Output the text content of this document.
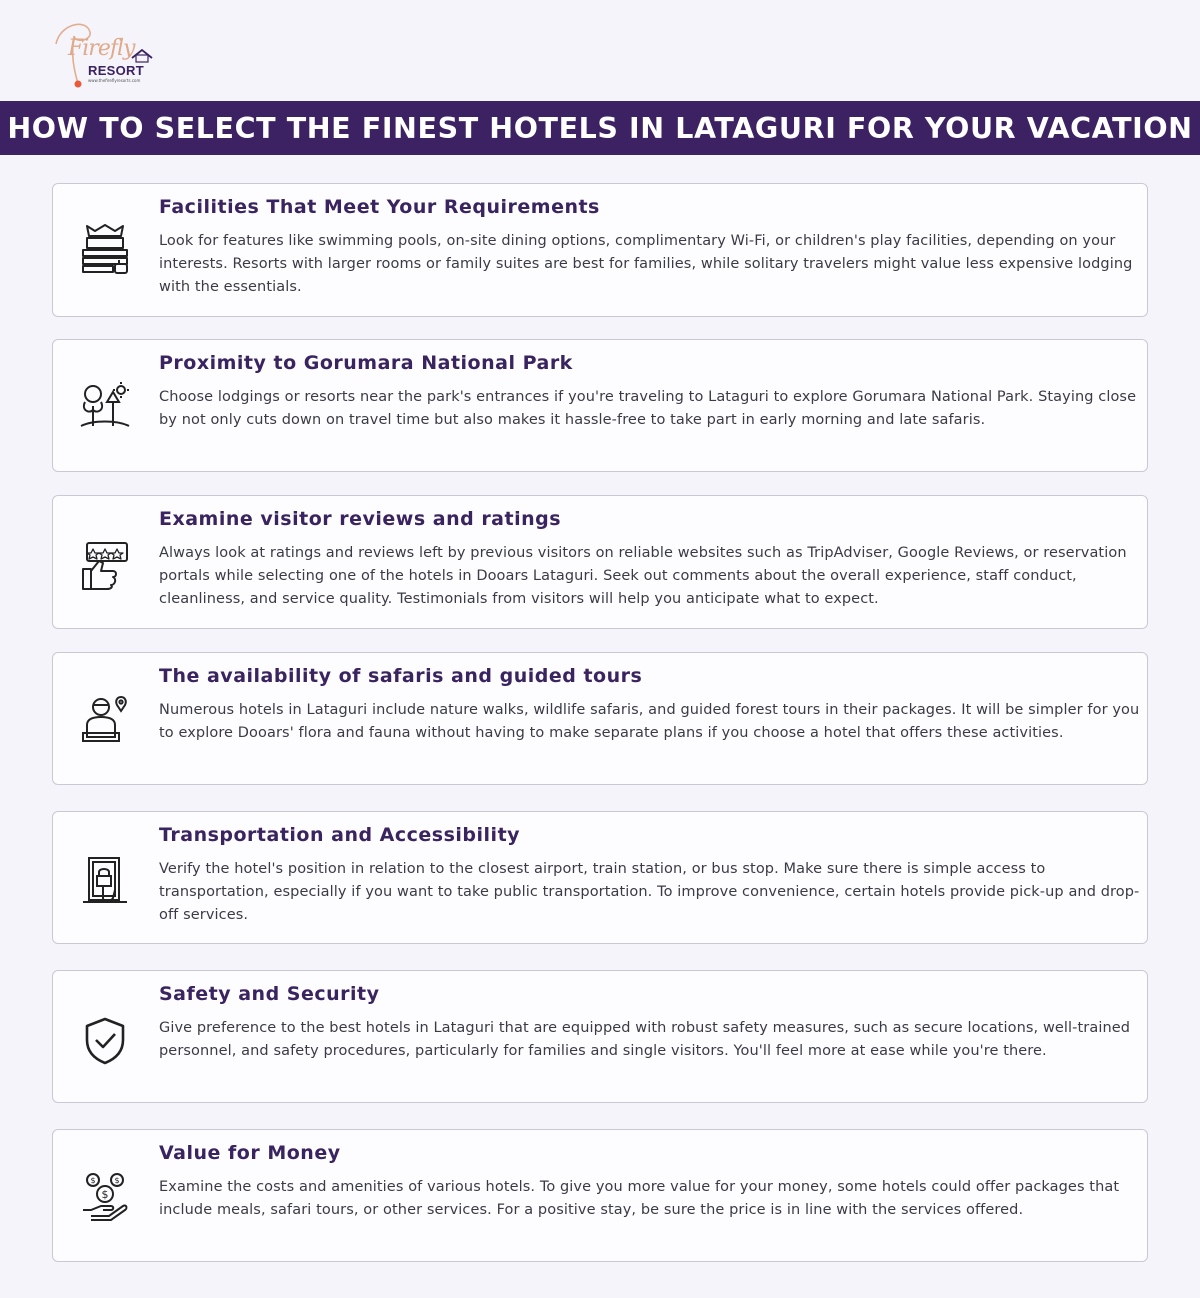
Firefly
RESORT
www.thefireflyresorts.com
HOW TO SELECT THE FINEST HOTELS IN LATAGURI FOR YOUR VACATION
Facilities That Meet Your Requirements
Look for features like swimming pools, on-site dining options, complimentary Wi-Fi, or children's play facilities, depending on your interests. Resorts with larger rooms or family suites are best for families, while solitary travelers might value less expensive lodging with the essentials.
Proximity to Gorumara National Park
Choose lodgings or resorts near the park's entrances if you're traveling to Lataguri to explore Gorumara National Park. Staying close by not only cuts down on travel time but also makes it hassle-free to take part in early morning and late safaris.
Examine visitor reviews and ratings
Always look at ratings and reviews left by previous visitors on reliable websites such as TripAdviser, Google Reviews, or reservation portals while selecting one of the hotels in Dooars Lataguri. Seek out comments about the overall experience, staff conduct, cleanliness, and service quality. Testimonials from visitors will help you anticipate what to expect.
The availability of safaris and guided tours
Numerous hotels in Lataguri include nature walks, wildlife safaris, and guided forest tours in their packages. It will be simpler for you to explore Dooars' flora and fauna without having to make separate plans if you choose a hotel that offers these activities.
Transportation and Accessibility
Verify the hotel's position in relation to the closest airport, train station, or bus stop. Make sure there is simple access to transportation, especially if you want to take public transportation. To improve convenience, certain hotels provide pick-up and drop-off services.
Safety and Security
Give preference to the best hotels in Lataguri that are equipped with robust safety measures, such as secure locations, well-trained personnel, and safety procedures, particularly for families and single visitors. You'll feel more at ease while you're there.
$ $
$
Value for Money
Examine the costs and amenities of various hotels. To give you more value for your money, some hotels could offer packages that include meals, safari tours, or other services. For a positive stay, be sure the price is in line with the services offered.
